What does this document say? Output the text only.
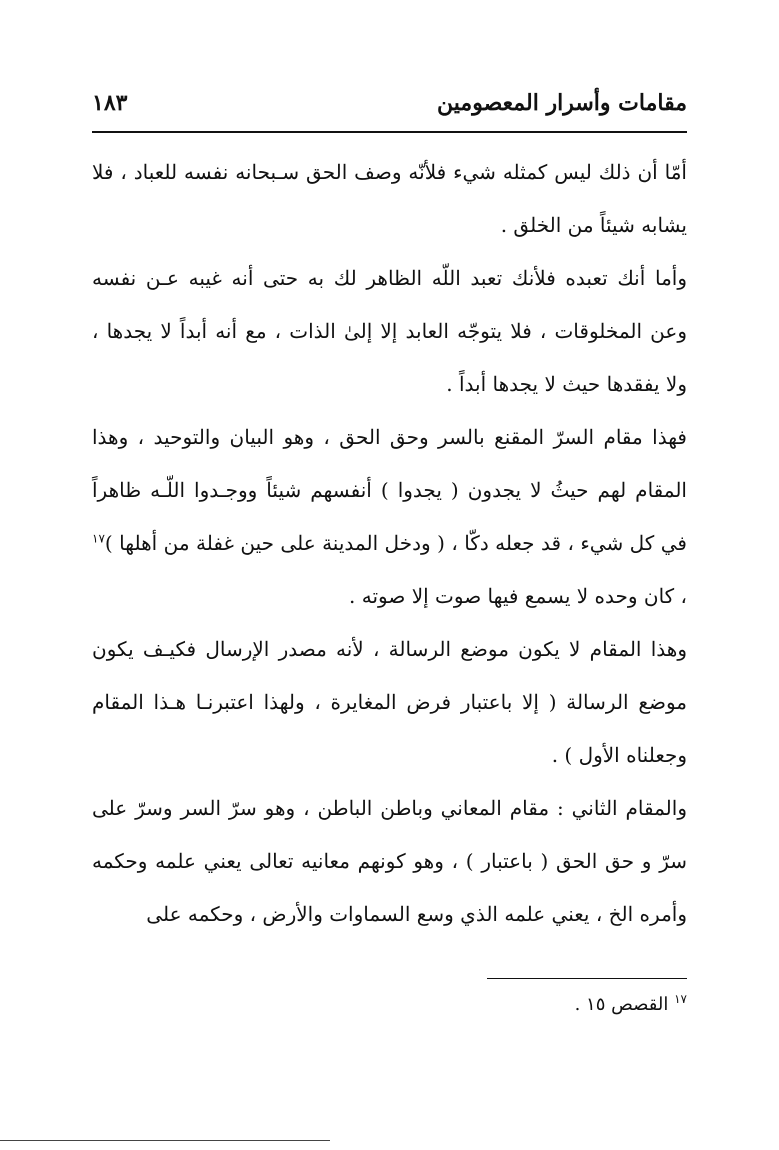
مقامات وأسرار المعصومين
١٨٣

أمّا أن ذلك ليس كمثله شيء فلأنّه وصف الحق سـبحانه نفسه للعباد ، فلا يشابه شيئاً من الخلق .

وأما أنك تعبده فلأنك تعبد اللّه الظاهر لك به حتى أنه غيبه عـن نفسه وعن المخلوقات ، فلا يتوجّه العابد إلا إلىٰ الذات ، مع أنه أبداً لا يجدها ، ولا يفقدها حيث لا يجدها أبداً .

فهذا مقام السرّ المقنع بالسر وحق الحق ، وهو البيان والتوحيد ، وهذا المقام لهم حيثُ لا يجدون ( يجدوا ) أنفسهم شيئاً ووجـدوا اللّـه ظاهراً في كل شيء ، قد جعله دكّا ، ( ودخل المدينة على حين غفلة من أهلها )$^{١٧}$ ، كان وحده لا يسمع فيها صوت إلا صوته .

وهذا المقام لا يكون موضع الرسالة ، لأنه مصدر الإرسال فكيـف يكون موضع الرسالة ( إلا باعتبار فرض المغايرة ، ولهذا اعتبرنـا هـذا المقام وجعلناه الأول ) .

والمقام الثاني : مقام المعاني وباطن الباطن ، وهو سرّ السر وسرّ على سرّ و حق الحق ( باعتبار ) ، وهو كونهم معانيه تعالى يعني علمه وحكمه وأمره الخ ، يعني علمه الذي وسع السماوات والأرض ، وحكمه على

$^{١٧}$ القصص ١٥ .
